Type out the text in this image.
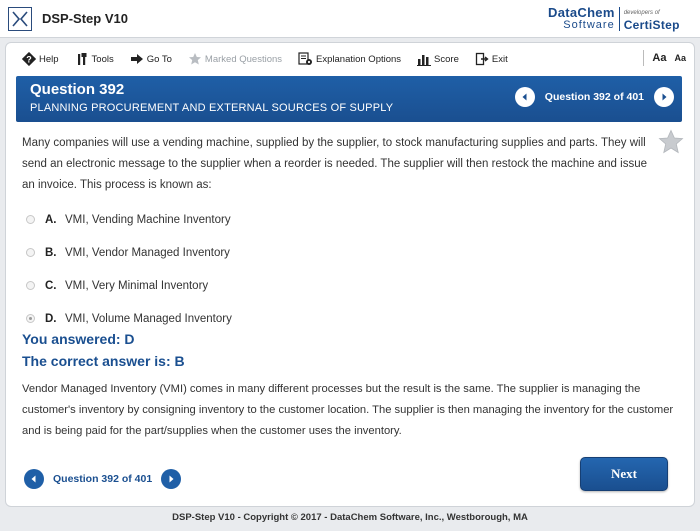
DSP-Step V10	DataChem
Software
developers of
CertiStep
? Help	Tools	Go To	Marked Questions	Explanation Options	Score	Exit	Aa Aa
Question 392
PLANNING PROCUREMENT AND EXTERNAL SOURCES OF SUPPLY
Question 392 of 401
Many companies will use a vending machine, supplied by the supplier, to stock manufacturing supplies and parts. They will send an electronic message to the supplier when a reorder is needed. The supplier will then restock the machine and issue an invoice. This process is known as:
A. VMI, Vending Machine Inventory
B. VMI, Vendor Managed Inventory
C. VMI, Very Minimal Inventory
D. VMI, Volume Managed Inventory
You answered: D
The correct answer is: B
Vendor Managed Inventory (VMI) comes in many different processes but the result is the same. The supplier is managing the customer's inventory by consigning inventory to the customer location. The supplier is then managing the inventory for the customer and is being paid for the part/supplies when the customer uses the inventory.
Question 392 of 401	Next
DSP-Step V10 - Copyright © 2017 - DataChem Software, Inc., Westborough, MA
